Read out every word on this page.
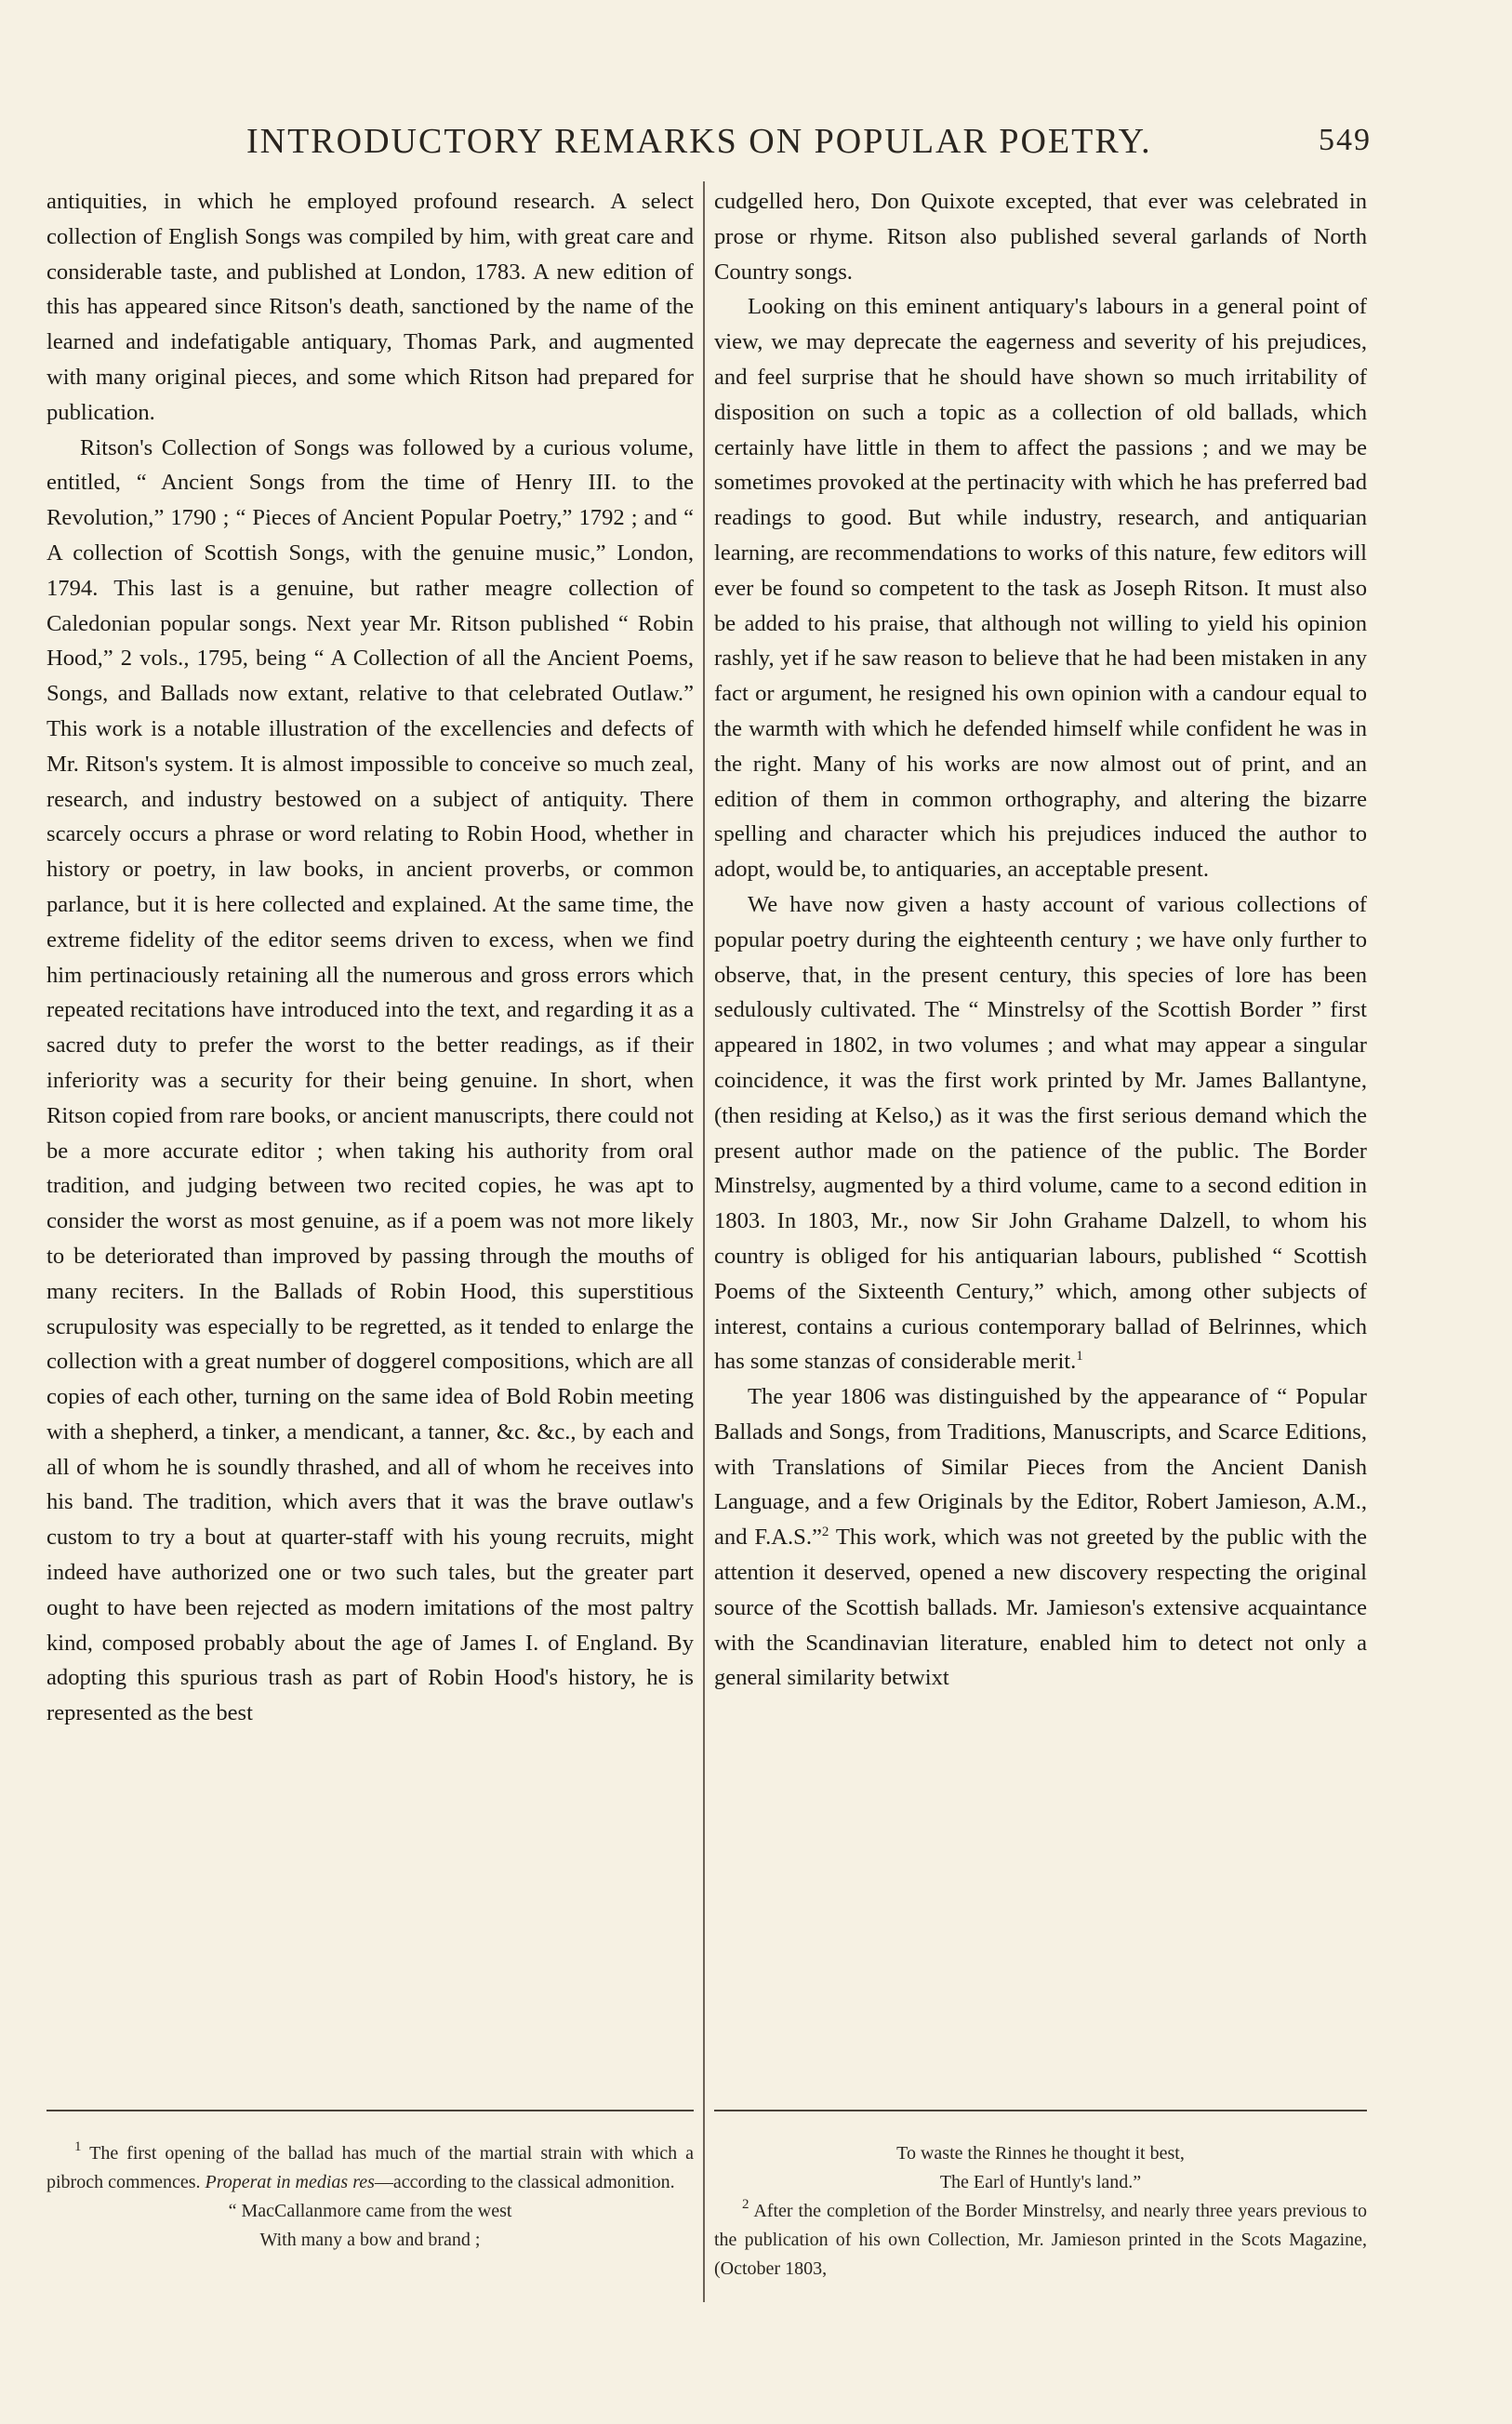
INTRODUCTORY REMARKS ON POPULAR POETRY.	549

antiquities, in which he employed profound research. A select collection of English Songs was compiled by him, with great care and considerable taste, and published at London, 1783. A new edition of this has appeared since Ritson's death, sanctioned by the name of the learned and indefatigable antiquary, Thomas Park, and augmented with many original pieces, and some which Ritson had prepared for publication.

Ritson's Collection of Songs was followed by a curious volume, entitled, “ Ancient Songs from the time of Henry III. to the Revolution,” 1790 ; “ Pieces of Ancient Popular Poetry,” 1792 ; and “ A collection of Scottish Songs, with the genuine music,” London, 1794. This last is a genuine, but rather meagre collection of Caledonian popular songs. Next year Mr. Ritson published “ Robin Hood,” 2 vols., 1795, being “ A Collection of all the Ancient Poems, Songs, and Ballads now extant, relative to that celebrated Outlaw.” This work is a notable illustration of the excellencies and defects of Mr. Ritson's system. It is almost impossible to conceive so much zeal, research, and industry bestowed on a subject of antiquity. There scarcely occurs a phrase or word relating to Robin Hood, whether in history or poetry, in law books, in ancient proverbs, or common parlance, but it is here collected and explained. At the same time, the extreme fidelity of the editor seems driven to excess, when we find him pertinaciously retaining all the numerous and gross errors which repeated recitations have introduced into the text, and regarding it as a sacred duty to prefer the worst to the better readings, as if their inferiority was a security for their being genuine. In short, when Ritson copied from rare books, or ancient manuscripts, there could not be a more accurate editor ; when taking his authority from oral tradition, and judging between two recited copies, he was apt to consider the worst as most genuine, as if a poem was not more likely to be deteriorated than improved by passing through the mouths of many reciters. In the Ballads of Robin Hood, this superstitious scrupulosity was especially to be regretted, as it tended to enlarge the collection with a great number of doggerel compositions, which are all copies of each other, turning on the same idea of Bold Robin meeting with a shepherd, a tinker, a mendicant, a tanner, &c. &c., by each and all of whom he is soundly thrashed, and all of whom he receives into his band. The tradition, which avers that it was the brave outlaw's custom to try a bout at quarter-staff with his young recruits, might indeed have authorized one or two such tales, but the greater part ought to have been rejected as modern imitations of the most paltry kind, composed probably about the age of James I. of England. By adopting this spurious trash as part of Robin Hood's history, he is represented as the best

cudgelled hero, Don Quixote excepted, that ever was celebrated in prose or rhyme. Ritson also published several garlands of North Country songs.

Looking on this eminent antiquary's labours in a general point of view, we may deprecate the eagerness and severity of his prejudices, and feel surprise that he should have shown so much irritability of disposition on such a topic as a collection of old ballads, which certainly have little in them to affect the passions ; and we may be sometimes provoked at the pertinacity with which he has preferred bad readings to good. But while industry, research, and antiquarian learning, are recommendations to works of this nature, few editors will ever be found so competent to the task as Joseph Ritson. It must also be added to his praise, that although not willing to yield his opinion rashly, yet if he saw reason to believe that he had been mistaken in any fact or argument, he resigned his own opinion with a candour equal to the warmth with which he defended himself while confident he was in the right. Many of his works are now almost out of print, and an edition of them in common orthography, and altering the bizarre spelling and character which his prejudices induced the author to adopt, would be, to antiquaries, an acceptable present.

We have now given a hasty account of various collections of popular poetry during the eighteenth century ; we have only further to observe, that, in the present century, this species of lore has been sedulously cultivated. The “ Minstrelsy of the Scottish Border ” first appeared in 1802, in two volumes ; and what may appear a singular coincidence, it was the first work printed by Mr. James Ballantyne, (then residing at Kelso,) as it was the first serious demand which the present author made on the patience of the public. The Border Minstrelsy, augmented by a third volume, came to a second edition in 1803. In 1803, Mr., now Sir John Grahame Dalzell, to whom his country is obliged for his antiquarian labours, published “ Scottish Poems of the Sixteenth Century,” which, among other subjects of interest, contains a curious contemporary ballad of Belrinnes, which has some stanzas of considerable merit.$^1$

The year 1806 was distinguished by the appearance of “ Popular Ballads and Songs, from Traditions, Manuscripts, and Scarce Editions, with Translations of Similar Pieces from the Ancient Danish Language, and a few Originals by the Editor, Robert Jamieson, A.M., and F.A.S.”$^2$ This work, which was not greeted by the public with the attention it deserved, opened a new discovery respecting the original source of the Scottish ballads. Mr. Jamieson's extensive acquaintance with the Scandinavian literature, enabled him to detect not only a general similarity betwixt

$^1$ The first opening of the ballad has much of the martial strain with which a pibroch commences. Properat in medias res—according to the classical admonition.

“ MacCallanmore came from the west

With many a bow and brand ;

To waste the Rinnes he thought it best,

The Earl of Huntly's land.”

$^2$ After the completion of the Border Minstrelsy, and nearly three years previous to the publication of his own Collection, Mr. Jamieson printed in the Scots Magazine, (October 1803,
